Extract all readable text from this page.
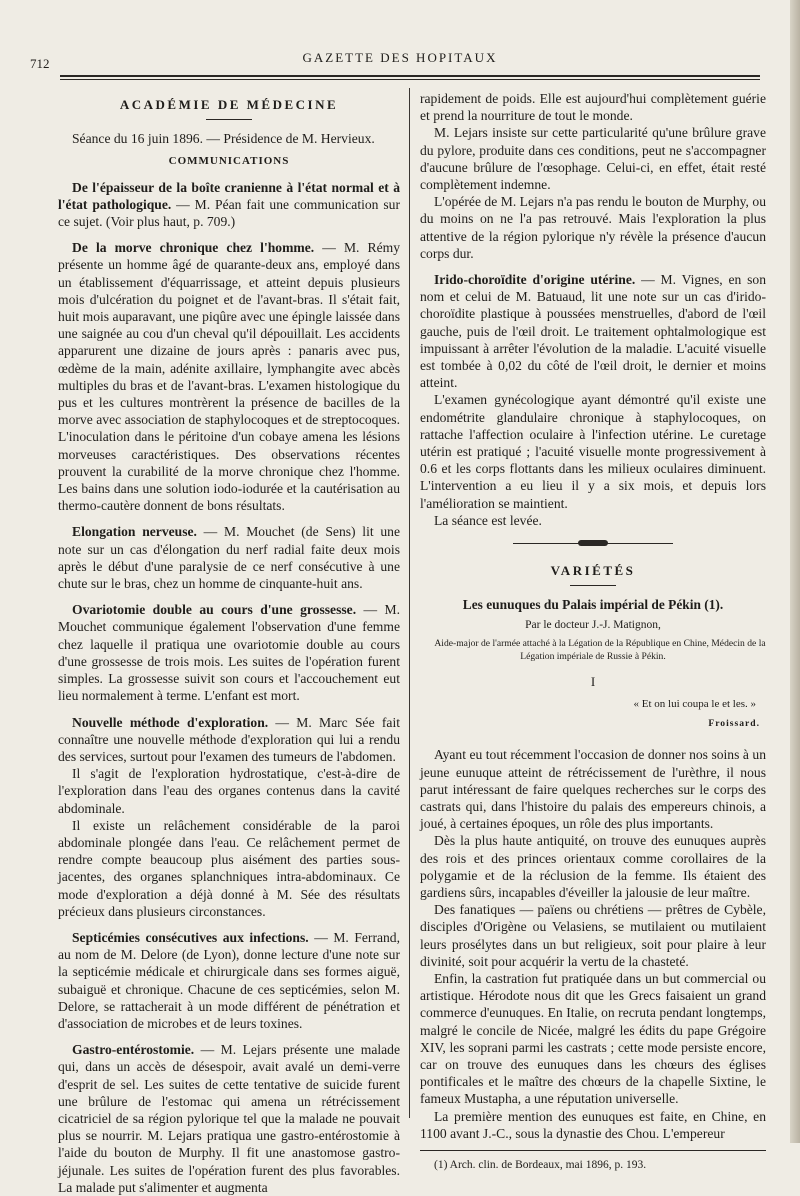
712	GAZETTE DES HOPITAUX
ACADÉMIE DE MÉDECINE

Séance du 16 juin 1896. — Présidence de M. Hervieux.

COMMUNICATIONS

De l'épaisseur de la boîte cranienne à l'état normal et à l'état pathologique. — M. Péan fait une communication sur ce sujet. (Voir plus haut, p. 709.)

De la morve chronique chez l'homme. — M. Rémy présente un homme âgé de quarante-deux ans, employé dans un établissement d'équarrissage, et atteint depuis plusieurs mois d'ulcération du poignet et de l'avant-bras. Il s'était fait, huit mois auparavant, une piqûre avec une épingle laissée dans une saignée au cou d'un cheval qu'il dépouillait. Les accidents apparurent une dizaine de jours après : panaris avec pus, œdème de la main, adénite axillaire, lymphangite avec abcès multiples du bras et de l'avant-bras. L'examen histologique du pus et les cultures montrèrent la présence de bacilles de la morve avec association de staphylocoques et de streptocoques. L'inoculation dans le péritoine d'un cobaye amena les lésions morveuses caractéristiques. Des observations récentes prouvent la curabilité de la morve chronique chez l'homme. Les bains dans une solution iodo-iodurée et la cautérisation au thermo-cautère donnent de bons résultats.

Elongation nerveuse. — M. Mouchet (de Sens) lit une note sur un cas d'élongation du nerf radial faite deux mois après le début d'une paralysie de ce nerf consécutive à une chute sur le bras, chez un homme de cinquante-huit ans.

Ovariotomie double au cours d'une grossesse. — M. Mouchet communique également l'observation d'une femme chez laquelle il pratiqua une ovariotomie double au cours d'une grossesse de trois mois. Les suites de l'opération furent simples. La grossesse suivit son cours et l'accouchement eut lieu normalement à terme. L'enfant est mort.

Nouvelle méthode d'exploration. — M. Marc Sée fait connaître une nouvelle méthode d'exploration qui lui a rendu des services, surtout pour l'examen des tumeurs de l'abdomen.

Il s'agit de l'exploration hydrostatique, c'est-à-dire de l'exploration dans l'eau des organes contenus dans la cavité abdominale.

Il existe un relâchement considérable de la paroi abdominale plongée dans l'eau. Ce relâchement permet de rendre compte beaucoup plus aisément des parties sous-jacentes, des organes splanchniques intra-abdominaux. Ce mode d'exploration a déjà donné à M. Sée des résultats précieux dans plusieurs circonstances.

Septicémies consécutives aux infections. — M. Ferrand, au nom de M. Delore (de Lyon), donne lecture d'une note sur la septicémie médicale et chirurgicale dans ses formes aiguë, subaiguë et chronique. Chacune de ces septicémies, selon M. Delore, se rattacherait à un mode différent de pénétration et d'association de microbes et de leurs toxines.

Gastro-entérostomie. — M. Lejars présente une malade qui, dans un accès de désespoir, avait avalé un demi-verre d'esprit de sel. Les suites de cette tentative de suicide furent une brûlure de l'estomac qui amena un rétrécissement cicatriciel de sa région pylorique tel que la malade ne pouvait plus se nourrir. M. Lejars pratiqua une gastro-entérostomie à l'aide du bouton de Murphy. Il fit une anastomose gastro-jéjunale. Les suites de l'opération furent des plus favorables. La malade put s'alimenter et augmenta

rapidement de poids. Elle est aujourd'hui complètement guérie et prend la nourriture de tout le monde.

M. Lejars insiste sur cette particularité qu'une brûlure grave du pylore, produite dans ces conditions, peut ne s'accompagner d'aucune brûlure de l'œsophage. Celui-ci, en effet, était resté complètement indemne.

L'opérée de M. Lejars n'a pas rendu le bouton de Murphy, ou du moins on ne l'a pas retrouvé. Mais l'exploration la plus attentive de la région pylorique n'y révèle la présence d'aucun corps dur.

Irido-choroïdite d'origine utérine. — M. Vignes, en son nom et celui de M. Batuaud, lit une note sur un cas d'irido-choroïdite plastique à poussées menstruelles, d'abord de l'œil gauche, puis de l'œil droit. Le traitement ophtalmologique est impuissant à arrêter l'évolution de la maladie. L'acuité visuelle est tombée à 0,02 du côté de l'œil droit, le dernier et moins atteint.

L'examen gynécologique ayant démontré qu'il existe une endométrite glandulaire chronique à staphylocoques, on rattache l'affection oculaire à l'infection utérine. Le curetage utérin est pratiqué ; l'acuité visuelle monte progressivement à 0.6 et les corps flottants dans les milieux oculaires diminuent. L'intervention a eu lieu il y a six mois, et depuis lors l'amélioration se maintient.

La séance est levée.

VARIÉTÉS
Les eunuques du Palais impérial de Pékin (1).
Par le docteur J.-J. Matignon,

Aide-major de l'armée attaché à la Légation de la République en Chine, Médecin de la Légation impériale de Russie à Pékin.

I
« Et on lui coupa le et les. »
Froissard.

Ayant eu tout récemment l'occasion de donner nos soins à un jeune eunuque atteint de rétrécissement de l'urèthre, il nous parut intéressant de faire quelques recherches sur le corps des castrats qui, dans l'histoire du palais des empereurs chinois, a joué, à certaines époques, un rôle des plus importants.

Dès la plus haute antiquité, on trouve des eunuques auprès des rois et des princes orientaux comme corollaires de la polygamie et de la réclusion de la femme. Ils étaient des gardiens sûrs, incapables d'éveiller la jalousie de leur maître.

Des fanatiques — païens ou chrétiens — prêtres de Cybèle, disciples d'Origène ou Velasiens, se mutilaient ou mutilaient leurs prosélytes dans un but religieux, soit pour plaire à leur divinité, soit pour acquérir la vertu de la chasteté.

Enfin, la castration fut pratiquée dans un but commercial ou artistique. Hérodote nous dit que les Grecs faisaient un grand commerce d'eunuques. En Italie, on recruta pendant longtemps, malgré le concile de Nicée, malgré les édits du pape Grégoire XIV, les soprani parmi les castrats ; cette mode persiste encore, car on trouve des eunuques dans les chœurs des églises pontificales et le maître des chœurs de la chapelle Sixtine, le fameux Mustapha, a une réputation universelle.

La première mention des eunuques est faite, en Chine, en 1100 avant J.-C., sous la dynastie des Chou. L'empereur

(1) Arch. clin. de Bordeaux, mai 1896, p. 193.
